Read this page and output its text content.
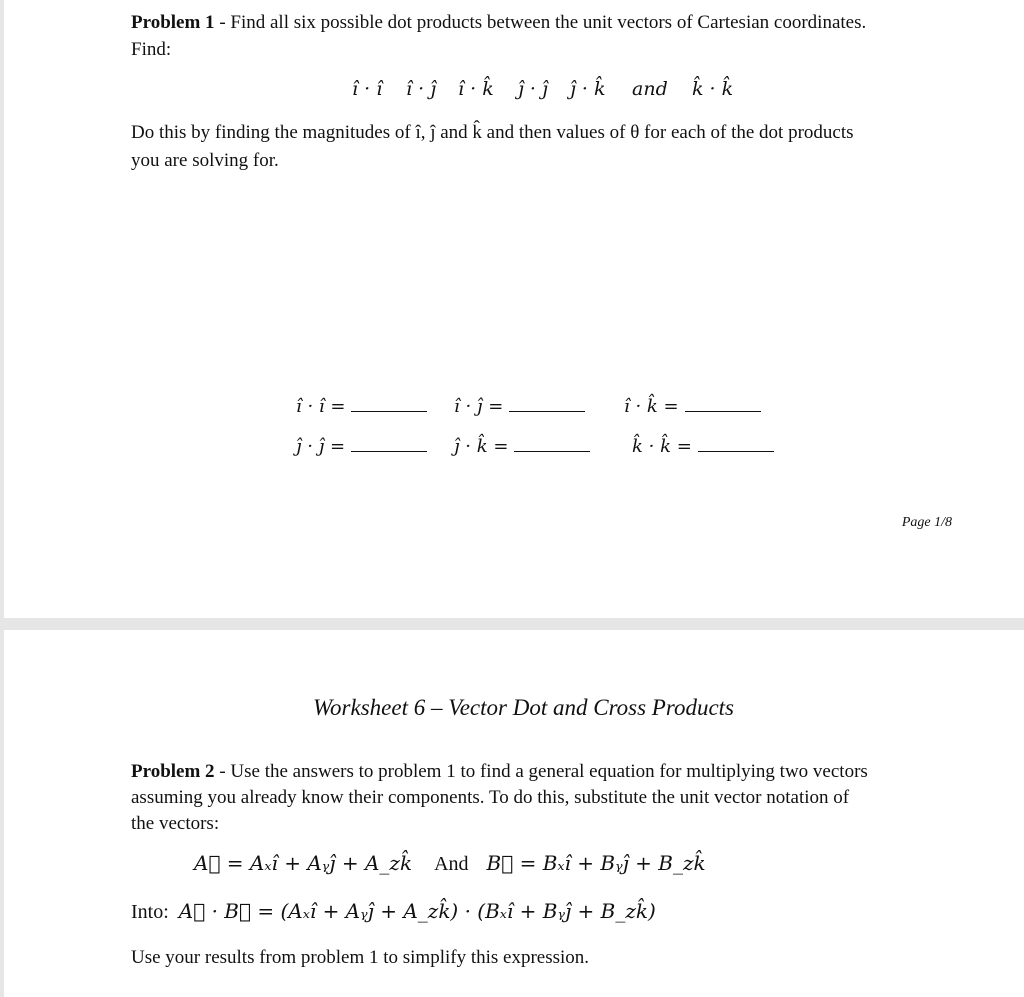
Problem 1 - Find all six possible dot products between the unit vectors of Cartesian coordinates.
Find:
î · î î · ĵ î · k̂ ĵ · ĵ ĵ · k̂ and k̂ · k̂
Do this by finding the magnitudes of î, ĵ and k̂ and then values of θ for each of the dot products
you are solving for.
î · î =	î · ĵ =	î · k̂ =
ĵ · ĵ =	ĵ · k̂ =	k̂ · k̂ =
Page 1/8
Worksheet 6 – Vector Dot and Cross Products
Problem 2 - Use the answers to problem 1 to find a general equation for multiplying two vectors
assuming you already know their components. To do this, substitute the unit vector notation of
the vectors:
A⃗ = Aₓî + Aᵧĵ + A_zk̂ And B⃗ = Bₓî + Bᵧĵ + B_zk̂
Into: A⃗ · B⃗ = (Aₓî + Aᵧĵ + A_zk̂) · (Bₓî + Bᵧĵ + B_zk̂)
Use your results from problem 1 to simplify this expression.
